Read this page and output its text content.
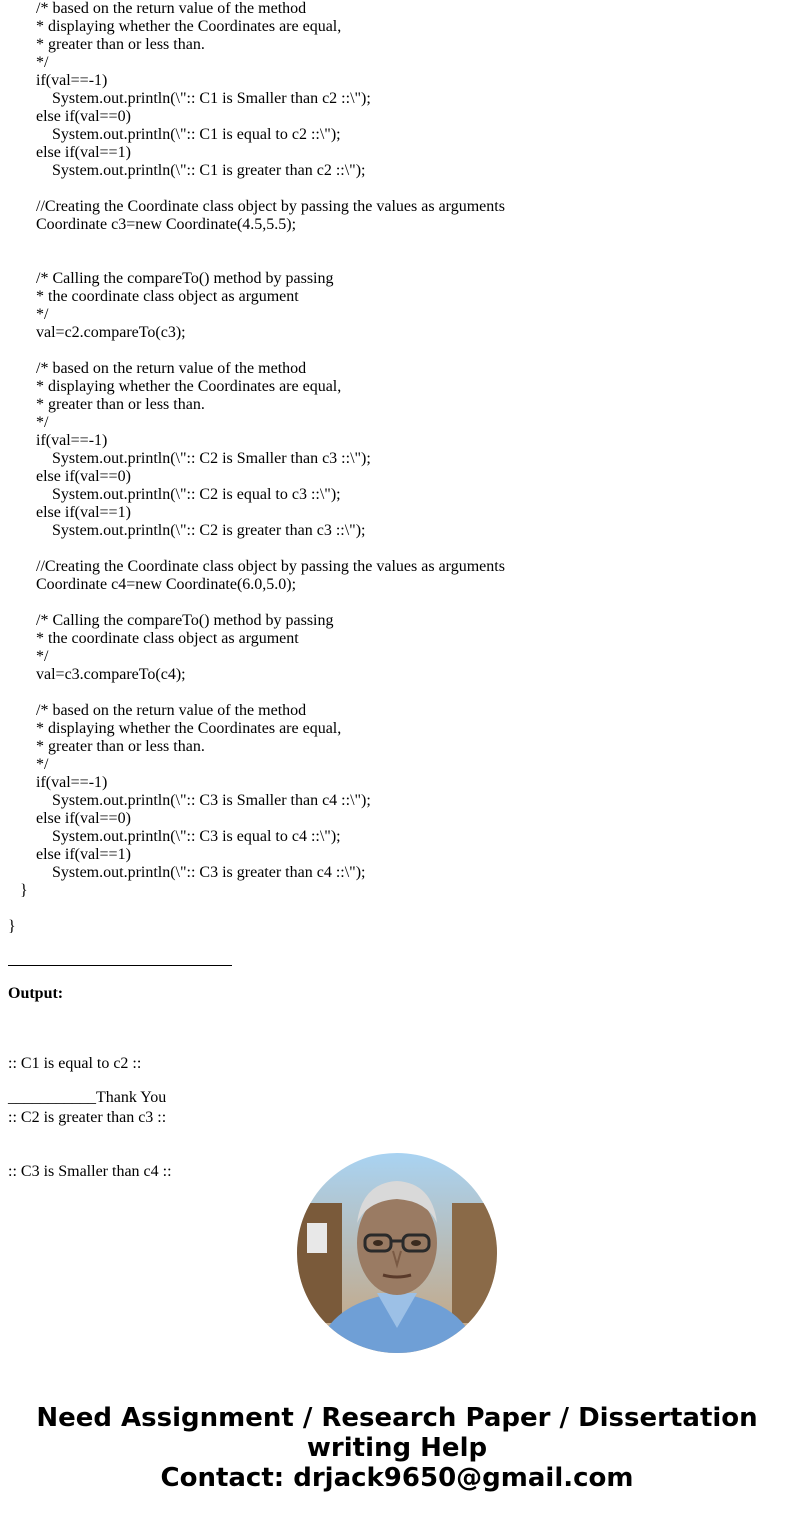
/* based on the return value of the method
* displaying whether the Coordinates are equal,
* greater than or less than.
*/
if(val==-1)
System.out.println(\":: C1 is Smaller than c2 ::\");
else if(val==0)
System.out.println(\":: C1 is equal to c2 ::\");
else if(val==1)
System.out.println(\":: C1 is greater than c2 ::\");
//Creating the Coordinate class object by passing the values as arguments
Coordinate c3=new Coordinate(4.5,5.5);
/* Calling the compareTo() method by passing
* the coordinate class object as argument
*/
val=c2.compareTo(c3);
/* based on the return value of the method
* displaying whether the Coordinates are equal,
* greater than or less than.
*/
if(val==-1)
System.out.println(\":: C2 is Smaller than c3 ::\");
else if(val==0)
System.out.println(\":: C2 is equal to c3 ::\");
else if(val==1)
System.out.println(\":: C2 is greater than c3 ::\");
//Creating the Coordinate class object by passing the values as arguments
Coordinate c4=new Coordinate(6.0,5.0);
/* Calling the compareTo() method by passing
* the coordinate class object as argument
*/
val=c3.compareTo(c4);
/* based on the return value of the method
* displaying whether the Coordinates are equal,
* greater than or less than.
*/
if(val==-1)
System.out.println(\":: C3 is Smaller than c4 ::\");
else if(val==0)
System.out.println(\":: C3 is equal to c4 ::\");
else if(val==1)
System.out.println(\":: C3 is greater than c4 ::\");
}
}
Output:

:: C1 is equal to c2 ::

:: C2 is greater than c3 ::

:: C3 is Smaller than c4 ::

___________Thank You
Need Assignment / Research Paper / Dissertation
writing Help
Contact: drjack9650@gmail.com
